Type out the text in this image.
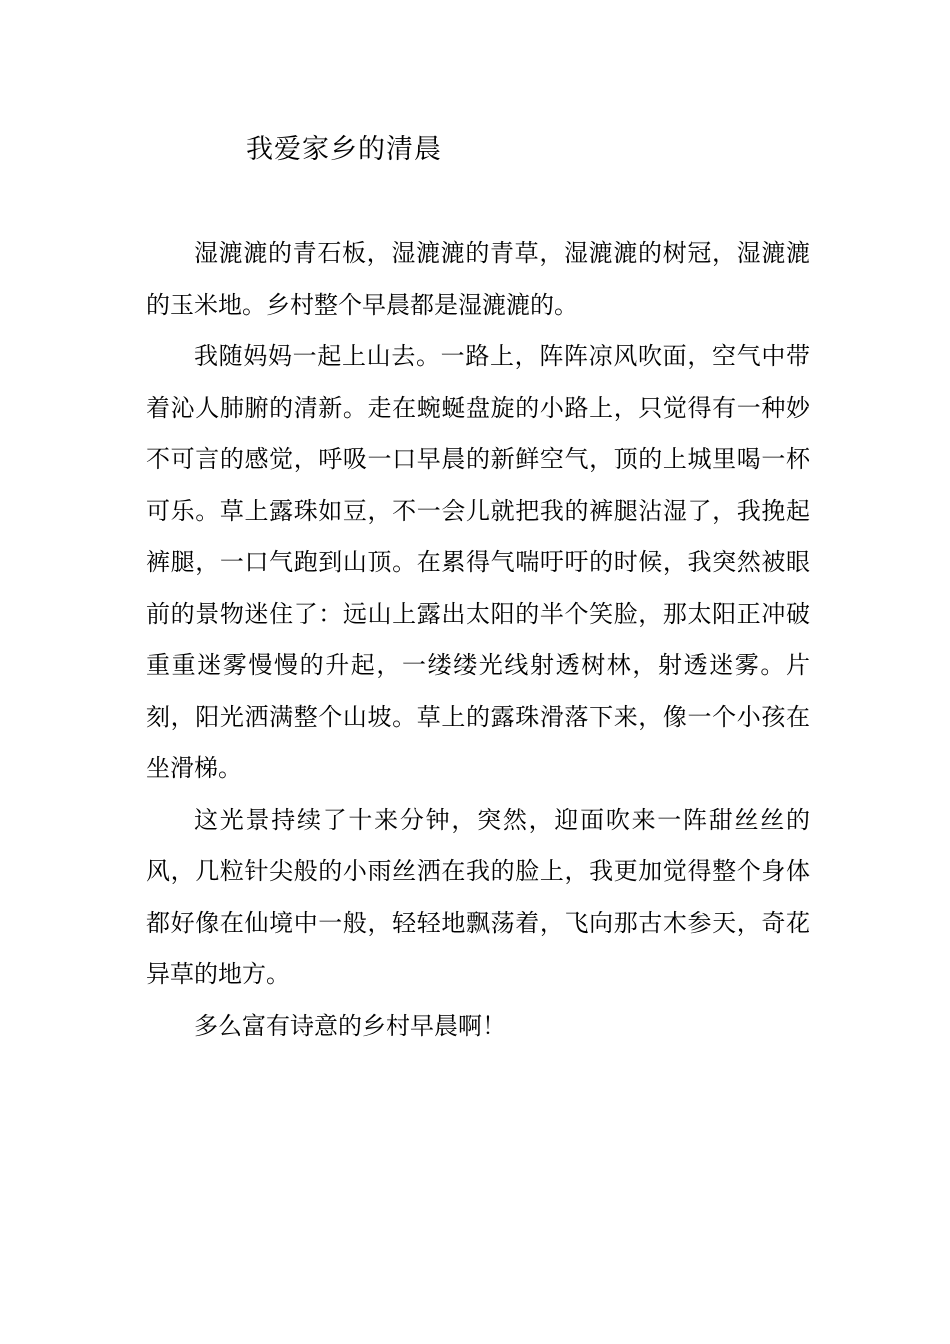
我爱家乡的清晨

湿漉漉的青石板，湿漉漉的青草，湿漉漉的树冠，湿漉漉的玉米地。乡村整个早晨都是湿漉漉的。

我随妈妈一起上山去。一路上，阵阵凉风吹面，空气中带着沁人肺腑的清新。走在蜿蜒盘旋的小路上，只觉得有一种妙不可言的感觉，呼吸一口早晨的新鲜空气，顶的上城里喝一杯可乐。草上露珠如豆，不一会儿就把我的裤腿沾湿了，我挽起裤腿，一口气跑到山顶。在累得气喘吁吁的时候，我突然被眼前的景物迷住了：远山上露出太阳的半个笑脸，那太阳正冲破重重迷雾慢慢的升起，一缕缕光线射透树林，射透迷雾。片刻，阳光洒满整个山坡。草上的露珠滑落下来，像一个小孩在坐滑梯。

这光景持续了十来分钟，突然，迎面吹来一阵甜丝丝的风，几粒针尖般的小雨丝洒在我的脸上，我更加觉得整个身体都好像在仙境中一般，轻轻地飘荡着，飞向那古木参天，奇花异草的地方。

多么富有诗意的乡村早晨啊！
